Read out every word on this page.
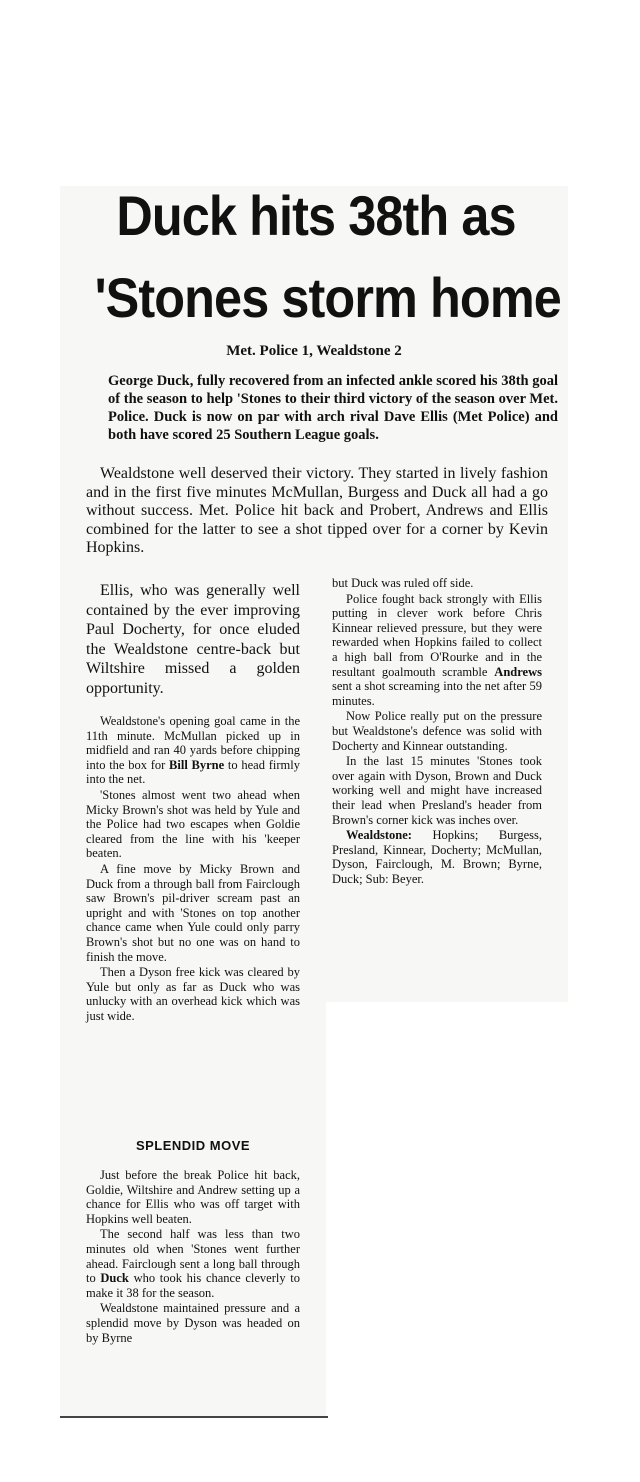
Duck hits 38th as
'Stones storm home
Met. Police 1, Wealdstone 2

George Duck, fully recovered from an infected ankle scored his 38th goal of the season to help 'Stones to their third victory of the season over Met. Police. Duck is now on par with arch rival Dave Ellis (Met Police) and both have scored 25 Southern League goals.

Wealdstone well deserved their victory. They started in lively fashion and in the first five minutes McMullan, Burgess and Duck all had a go without success. Met. Police hit back and Probert, Andrews and Ellis combined for the latter to see a shot tipped over for a corner by Kevin Hopkins.

Ellis, who was generally well contained by the ever improving Paul Docherty, for once eluded the Wealdstone centre-back but Wiltshire missed a golden opportunity.

Wealdstone's opening goal came in the 11th minute. McMullan picked up in midfield and ran 40 yards before chipping into the box for Bill Byrne to head firmly into the net.

'Stones almost went two ahead when Micky Brown's shot was held by Yule and the Police had two escapes when Goldie cleared from the line with his 'keeper beaten.

A fine move by Micky Brown and Duck from a through ball from Fairclough saw Brown's pil-driver scream past an upright and with 'Stones on top another chance came when Yule could only parry Brown's shot but no one was on hand to finish the move.

Then a Dyson free kick was cleared by Yule but only as far as Duck who was unlucky with an overhead kick which was just wide.

SPLENDID MOVE

Just before the break Police hit back, Goldie, Wiltshire and Andrew setting up a chance for Ellis who was off target with Hopkins well beaten.

The second half was less than two minutes old when 'Stones went further ahead. Fairclough sent a long ball through to Duck who took his chance cleverly to make it 38 for the season.

Wealdstone maintained pressure and a splendid move by Dyson was headed on by Byrne

but Duck was ruled off side.

Police fought back strongly with Ellis putting in clever work before Chris Kinnear relieved pressure, but they were rewarded when Hopkins failed to collect a high ball from O'Rourke and in the resultant goalmouth scramble Andrews sent a shot screaming into the net after 59 minutes.

Now Police really put on the pressure but Wealdstone's defence was solid with Docherty and Kinnear outstanding.

In the last 15 minutes 'Stones took over again with Dyson, Brown and Duck working well and might have increased their lead when Presland's header from Brown's corner kick was inches over.

Wealdstone: Hopkins; Burgess, Presland, Kinnear, Docherty; McMullan, Dyson, Fairclough, M. Brown; Byrne, Duck; Sub: Beyer.
